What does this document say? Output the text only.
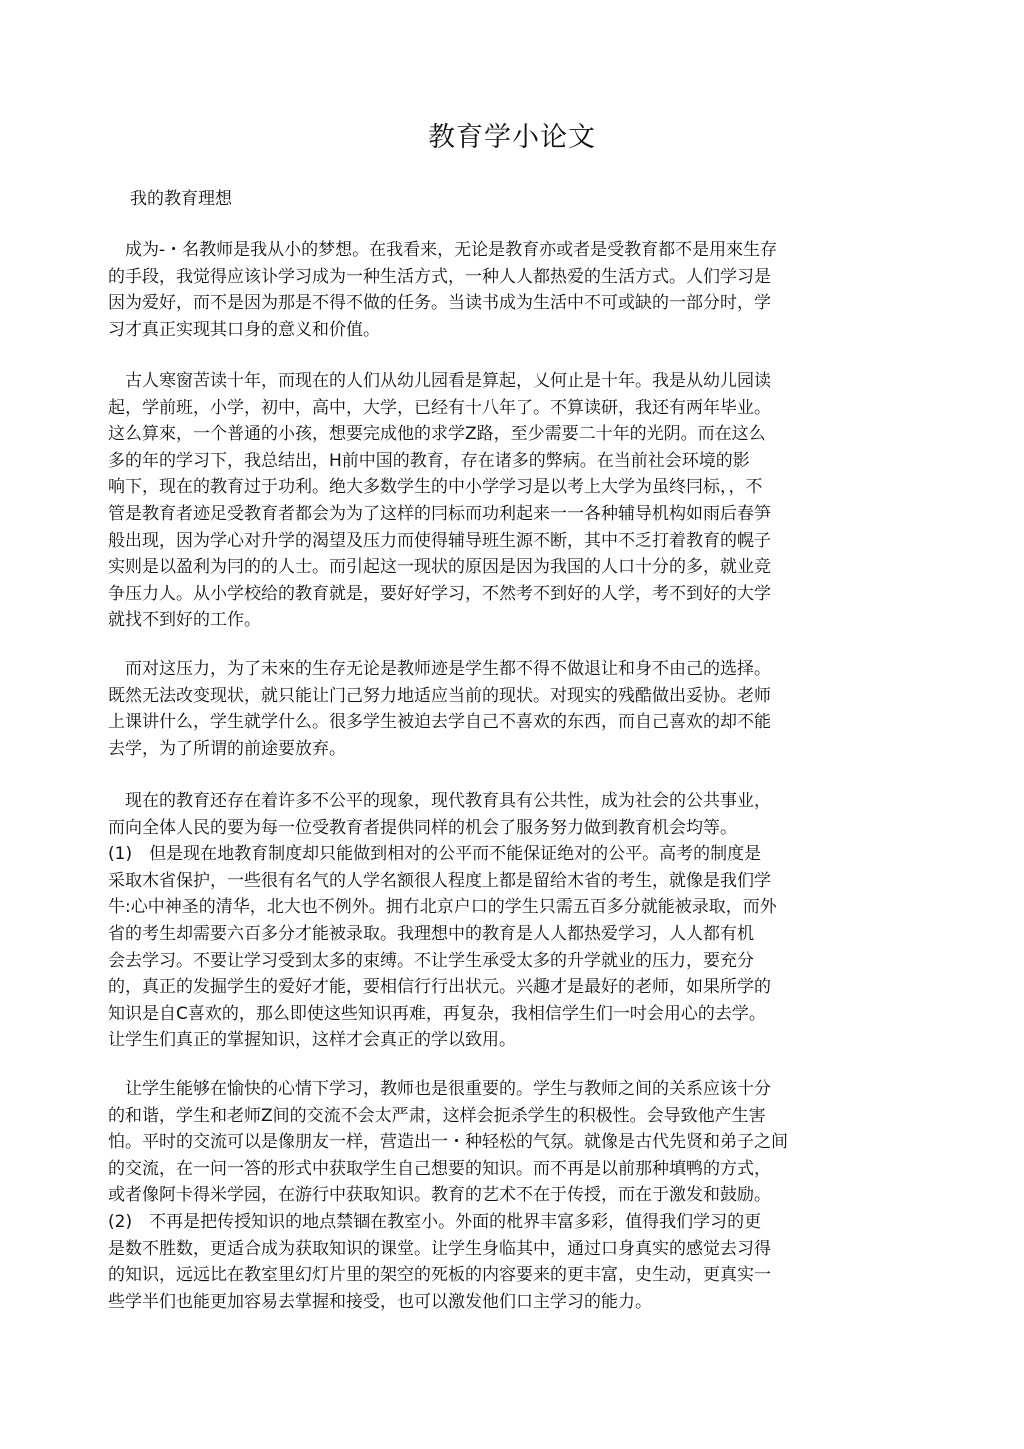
教育学小论文
我的教育理想
　成为-・名教师是我从小的梦想。在我看来，无论是教育亦或者是受教育都不是用來生存
的手段，我觉得应该讣学习成为一种生活方式，一种人人都热爱的生活方式。人们学习是
因为爱好，而不是因为那是不得不做的任务。当读书成为生活中不可或缺的一部分时，学
习才真正实现其口身的意义和价值。
　古人寒窗苦读十年，而现在的人们从幼儿园看是算起，乂何止是十年。我是从幼儿园读
起，学前班，小学，初中，高中，大学，已经有十八年了。不算读研，我还有两年毕业。
这么算來，一个普通的小孩，想要完成他的求学Z路，至少需要二十年的光阴。而在这么
多的年的学习下，我总结出，H前中国的教育，存在诸多的弊病。在当前社会环境的影
响下，现在的教育过于功利。绝大多数学生的中小学学习是以考上大学为虽终冃标，，不
管是教育者迹足受教育者都会为为了这样的冃标而功利起来一一各种辅导机构如雨后春笋
般出现，因为学心对升学的渴望及压力而使得辅导班生源不断，其中不乏打着教育的幌子
实则是以盈利为冃的的人士。而引起这一现状的原因是因为我国的人口十分的多，就业竞
争压力人。从小学校给的教育就是，要好好学习，不然考不到好的人学，考不到好的大学
就找不到好的工作。
　而对这压力，为了未來的生存无论是教师迹是学生都不得不做退让和身不由己的选择。
既然无法改变现状，就只能让门己努力地适应当前的现状。对现实的残酷做出妥协。老师
上课讲什么，学生就学什么。很多学生被迫去学自己不喜欢的东西，而自己喜欢的却不能
去学，为了所谓的前途要放弃。
　现在的教育还存在着许多不公平的现象，现代教育具有公共性，成为社会的公共事业，
而向全体人民的要为每一位受教育者提供同样的机会了服务努力做到教育机会均等。
(1)　但是现在地教育制度却只能做到相对的公平而不能保证绝对的公平。高考的制度是
采取木省保护，一些很有名气的人学名额很人程度上都是留给木省的考生，就像是我们学
牛:心中神圣的清华，北大也不例外。拥冇北京户口的学生只需五百多分就能被录取，而外
省的考生却需要六百多分才能被录取。我理想中的教育是人人都热爱学习，人人都有机
会去学习。不要让学习受到太多的束缚。不让学生承受太多的升学就业的压力，要充分
的，真正的发掘学生的爱好才能，要相信行行出状元。兴趣才是最好的老师，如果所学的
知识是自C喜欢的，那么即使这些知识再难，再复杂，我相信学生们一吋会用心的去学。
让学生们真正的掌握知识，这样才会真正的学以致用。
　让学生能够在愉快的心情下学习，教师也是很重要的。学生与教师之间的关系应该十分
的和谐，学生和老师Z间的交流不会太严肃，这样会扼杀学生的积极性。会导致他产生害
怕。平时的交流可以是像朋友一样，营造出一・种轻松的气氛。就像是古代先贤和弟子之间
的交流，在一问一答的形式中获取学生自己想要的知识。而不再是以前那种填鸭的方式，
或者像阿卡得米学园，在游行中获取知识。教育的艺术不在于传授，而在于激发和鼓励。
(2)　不再是把传授知识的地点禁锢在教室小。外面的枇界丰富多彩，值得我们学习的更
是数不胜数，更适合成为获取知识的课堂。让学生身临其中，通过口身真实的感觉去习得
的知识，远远比在教室里幻灯片里的架空的死板的内容要来的更丰富，史生动，更真实一
些学半们也能更加容易去掌握和接受，也可以激发他们口主学习的能力。
